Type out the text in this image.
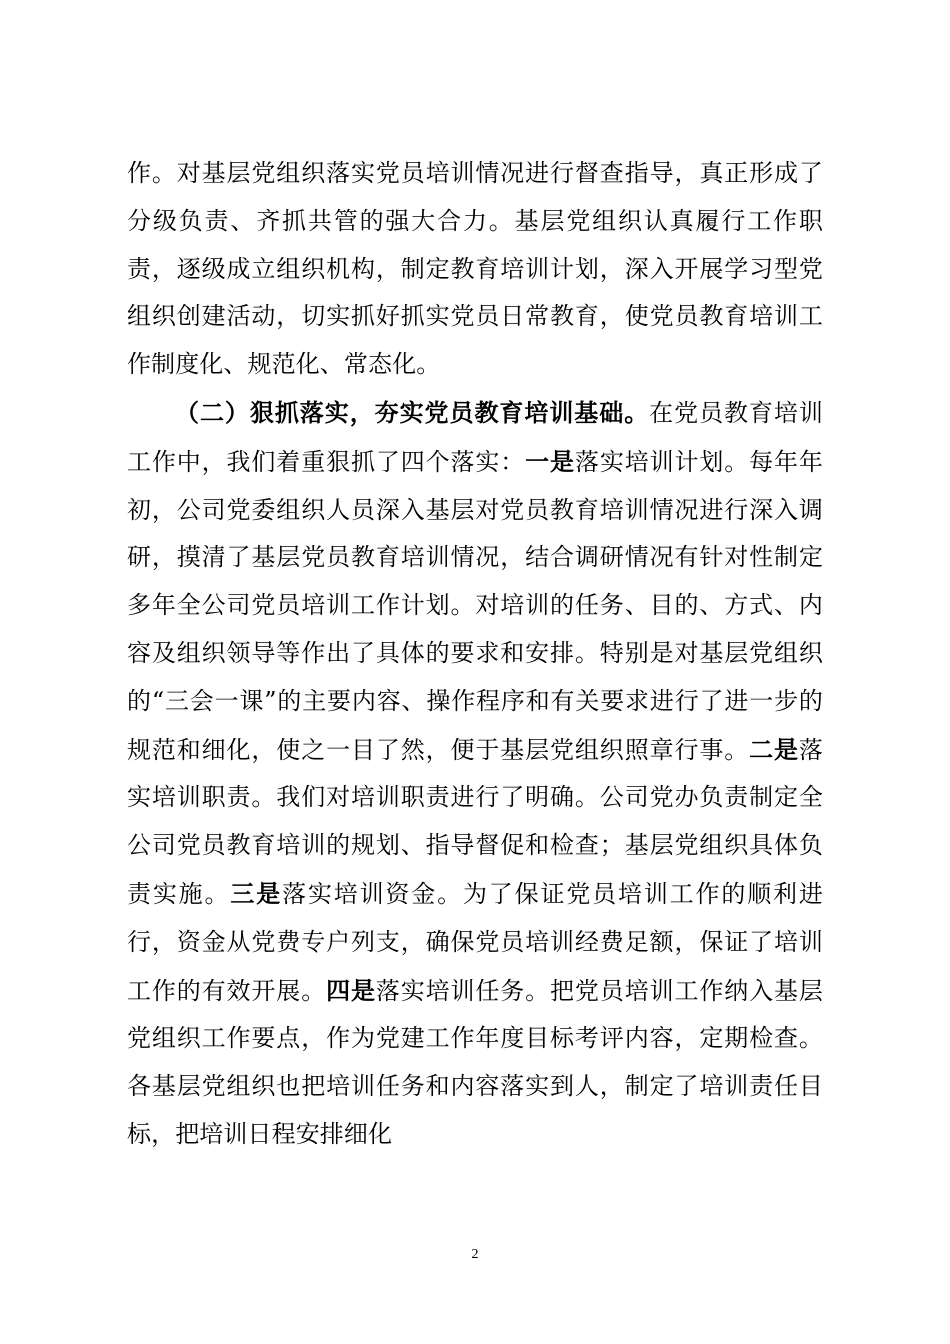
作。对基层党组织落实党员培训情况进行督查指导，真正形成了分级负责、齐抓共管的强大合力。基层党组织认真履行工作职责，逐级成立组织机构，制定教育培训计划，深入开展学习型党组织创建活动，切实抓好抓实党员日常教育，使党员教育培训工作制度化、规范化、常态化。

（二）狠抓落实，夯实党员教育培训基础。在党员教育培训工作中，我们着重狠抓了四个落实：一是落实培训计划。每年年初，公司党委组织人员深入基层对党员教育培训情况进行深入调研，摸清了基层党员教育培训情况，结合调研情况有针对性制定多年全公司党员培训工作计划。对培训的任务、目的、方式、内容及组织领导等作出了具体的要求和安排。特别是对基层党组织的“三会一课”的主要内容、操作程序和有关要求进行了进一步的规范和细化，使之一目了然，便于基层党组织照章行事。二是落实培训职责。我们对培训职责进行了明确。公司党办负责制定全公司党员教育培训的规划、指导督促和检查；基层党组织具体负责实施。三是落实培训资金。为了保证党员培训工作的顺利进行，资金从党费专户列支，确保党员培训经费足额，保证了培训工作的有效开展。四是落实培训任务。把党员培训工作纳入基层党组织工作要点，作为党建工作年度目标考评内容，定期检查。各基层党组织也把培训任务和内容落实到人，制定了培训责任目标，把培训日程安排细化

2
